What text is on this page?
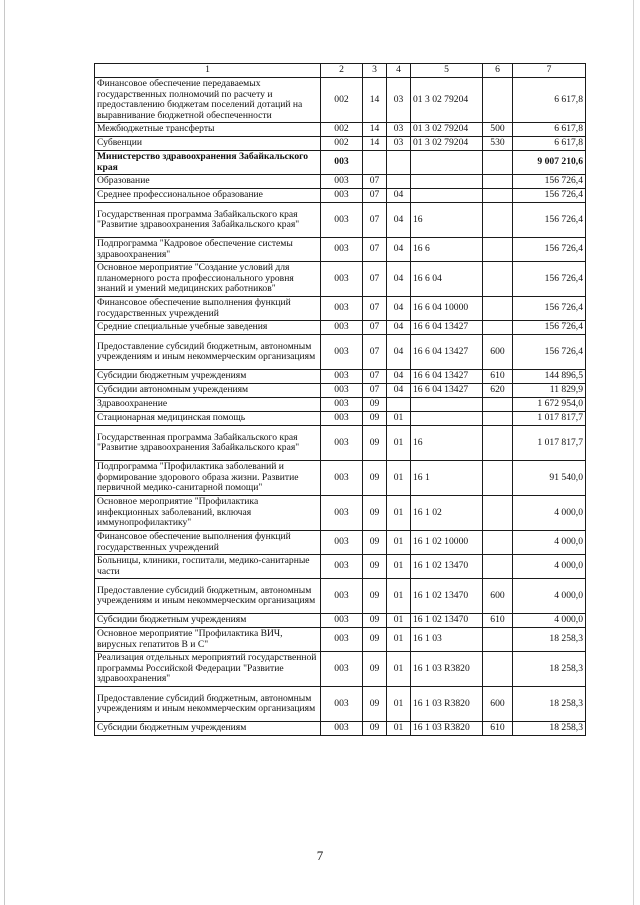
1	2	3	4	5	6	7
Финансовое обеспечение передаваемых государственных полномочий по расчету и предоставлению бюджетам поселений дотаций на выравнивание бюджетной обеспеченности	002	14	03	01 3 02 79204		6 617,8
Межбюджетные трансферты	002	14	03	01 3 02 79204	500	6 617,8
Субвенции	002	14	03	01 3 02 79204	530	6 617,8
Министерство здравоохранения Забайкальского края	003					9 007 210,6
Образование	003	07				156 726,4
Среднее профессиональное образование	003	07	04			156 726,4
Государственная программа Забайкальского края "Развитие здравоохранения Забайкальского края"	003	07	04	16		156 726,4
Подпрограмма "Кадровое обеспечение системы здравоохранения"	003	07	04	16 6		156 726,4
Основное мероприятие "Создание условий для планомерного роста профессионального уровня знаний и умений медицинских работников"	003	07	04	16 6 04		156 726,4
Финансовое обеспечение выполнения функций государственных учреждений	003	07	04	16 6 04 10000		156 726,4
Средние специальные учебные заведения	003	07	04	16 6 04 13427		156 726,4
Предоставление субсидий бюджетным, автономным учреждениям и иным некоммерческим организациям	003	07	04	16 6 04 13427	600	156 726,4
Субсидии бюджетным учреждениям	003	07	04	16 6 04 13427	610	144 896,5
Субсидии автономным учреждениям	003	07	04	16 6 04 13427	620	11 829,9
Здравоохранение	003	09				1 672 954,0
Стационарная медицинская помощь	003	09	01			1 017 817,7
Государственная программа Забайкальского края "Развитие здравоохранения Забайкальского края"	003	09	01	16		1 017 817,7
Подпрограмма "Профилактика заболеваний и формирование здорового образа жизни. Развитие первичной медико-санитарной помощи"	003	09	01	16 1		91 540,0
Основное мероприятие "Профилактика инфекционных заболеваний, включая иммунопрофилактику"	003	09	01	16 1 02		4 000,0
Финансовое обеспечение выполнения функций государственных учреждений	003	09	01	16 1 02 10000		4 000,0
Больницы, клиники, госпитали, медико-санитарные части	003	09	01	16 1 02 13470		4 000,0
Предоставление субсидий бюджетным, автономным учреждениям и иным некоммерческим организациям	003	09	01	16 1 02 13470	600	4 000,0
Субсидии бюджетным учреждениям	003	09	01	16 1 02 13470	610	4 000,0
Основное мероприятие "Профилактика ВИЧ, вирусных гепатитов В и С"	003	09	01	16 1 03		18 258,3
Реализация отдельных мероприятий государственной программы Российской Федерации "Развитие здравоохранения"	003	09	01	16 1 03 R3820		18 258,3
Предоставление субсидий бюджетным, автономным учреждениям и иным некоммерческим организациям	003	09	01	16 1 03 R3820	600	18 258,3
Субсидии бюджетным учреждениям	003	09	01	16 1 03 R3820	610	18 258,3
7
